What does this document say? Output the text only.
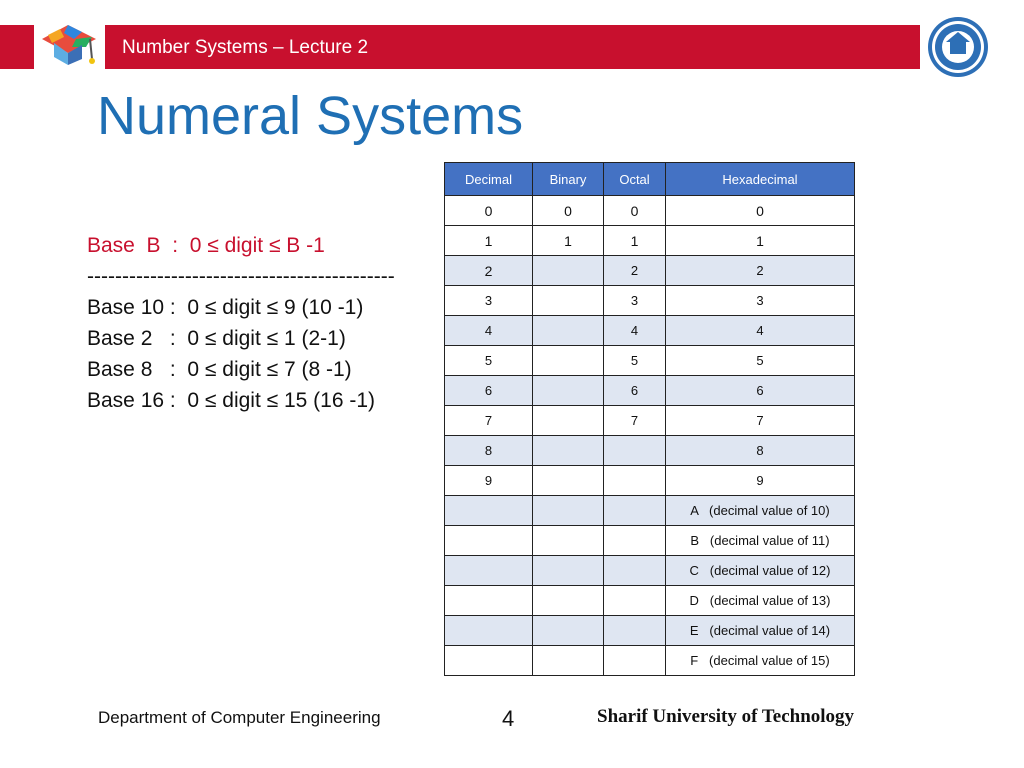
Number Systems – Lecture 2
Numeral Systems
Base  B  :  0 ≤ digit ≤ B -1
--------------------------------------------
Base 10 :  0 ≤ digit ≤ 9 (10 -1)
Base 2   :  0 ≤ digit ≤ 1 (2-1)
Base 8   :  0 ≤ digit ≤ 7 (8 -1)
Base 16 :  0 ≤ digit ≤ 15 (16 -1)
Decimal	Binary	Octal	Hexadecimal
0	0	0	0
1	1	1	1
2		2	2
3		3	3
4		4	4
5		5	5
6		6	6
7		7	7
8			8
9			9
			A   (decimal value of 10)
			B   (decimal value of 11)
			C   (decimal value of 12)
			D   (decimal value of 13)
			E   (decimal value of 14)
			F   (decimal value of 15)
Department of Computer Engineering	4	Sharif University of Technology
